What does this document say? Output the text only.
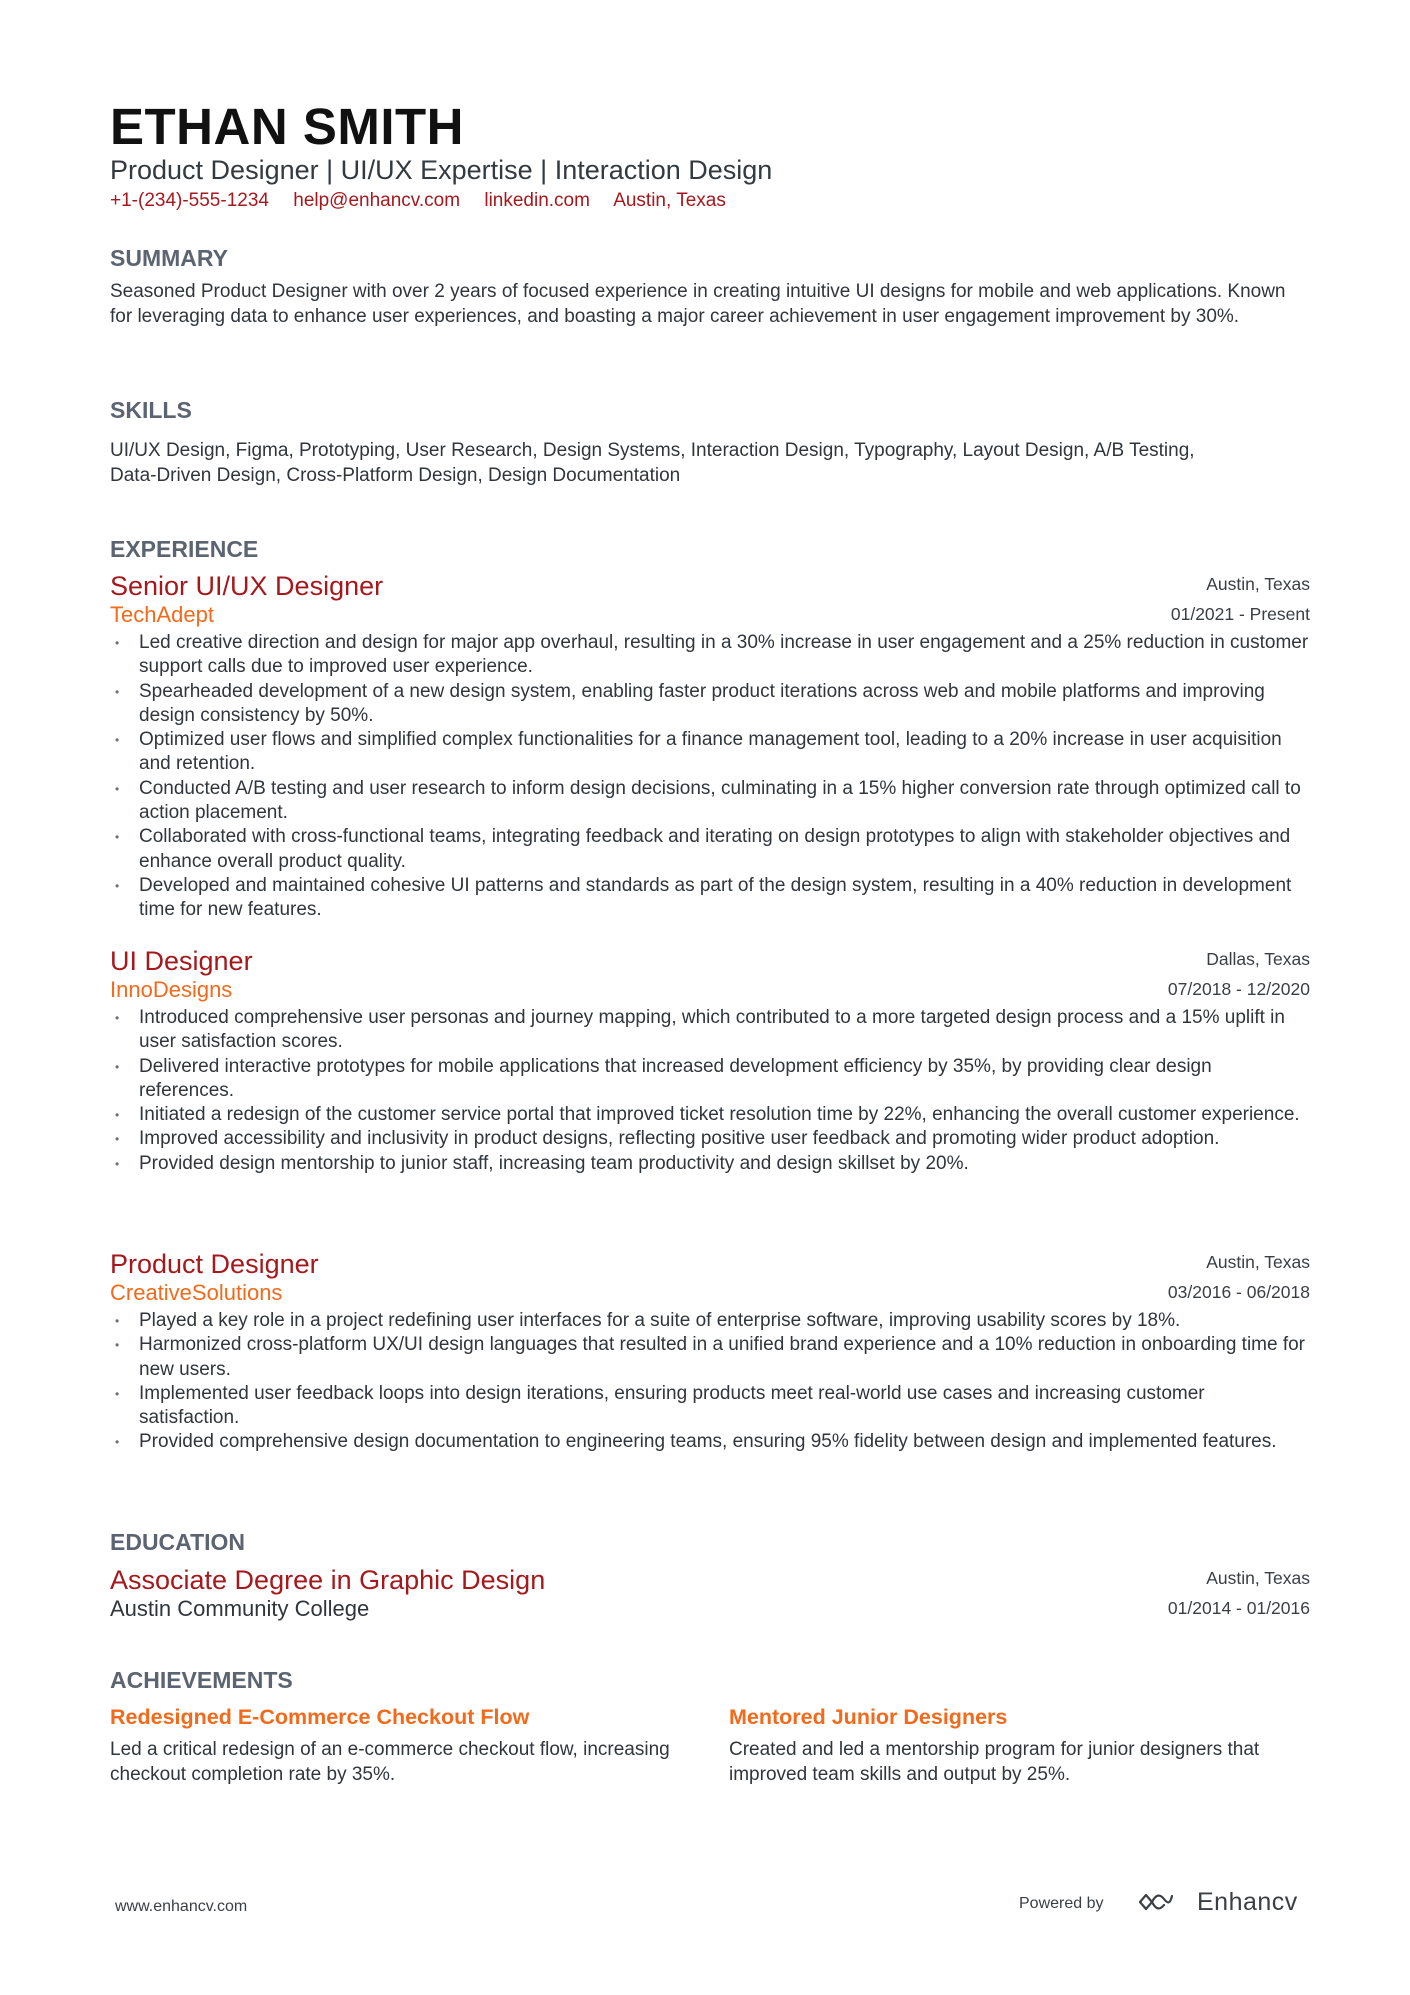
ETHAN SMITH
Product Designer | UI/UX Expertise | Interaction Design
+1-(234)-555-1234 help@enhancv.com linkedin.com Austin, Texas
SUMMARY
Seasoned Product Designer with over 2 years of focused experience in creating intuitive UI designs for mobile and web applications. Known for leveraging data to enhance user experiences, and boasting a major career achievement in user engagement improvement by 30%.
SKILLS
UI/UX Design, Figma, Prototyping, User Research, Design Systems, Interaction Design, Typography, Layout Design, A/B Testing, Data-Driven Design, Cross-Platform Design, Design Documentation
EXPERIENCE
Senior UI/UX Designer
TechAdept
Austin, Texas
01/2021 - Present
• Led creative direction and design for major app overhaul, resulting in a 30% increase in user engagement and a 25% reduction in customer support calls due to improved user experience.
• Spearheaded development of a new design system, enabling faster product iterations across web and mobile platforms and improving design consistency by 50%.
• Optimized user flows and simplified complex functionalities for a finance management tool, leading to a 20% increase in user acquisition and retention.
• Conducted A/B testing and user research to inform design decisions, culminating in a 15% higher conversion rate through optimized call to action placement.
• Collaborated with cross-functional teams, integrating feedback and iterating on design prototypes to align with stakeholder objectives and enhance overall product quality.
• Developed and maintained cohesive UI patterns and standards as part of the design system, resulting in a 40% reduction in development time for new features.
UI Designer
InnoDesigns
Dallas, Texas
07/2018 - 12/2020
• Introduced comprehensive user personas and journey mapping, which contributed to a more targeted design process and a 15% uplift in user satisfaction scores.
• Delivered interactive prototypes for mobile applications that increased development efficiency by 35%, by providing clear design references.
• Initiated a redesign of the customer service portal that improved ticket resolution time by 22%, enhancing the overall customer experience.
• Improved accessibility and inclusivity in product designs, reflecting positive user feedback and promoting wider product adoption.
• Provided design mentorship to junior staff, increasing team productivity and design skillset by 20%.
Product Designer
CreativeSolutions
Austin, Texas
03/2016 - 06/2018
• Played a key role in a project redefining user interfaces for a suite of enterprise software, improving usability scores by 18%.
• Harmonized cross-platform UX/UI design languages that resulted in a unified brand experience and a 10% reduction in onboarding time for new users.
• Implemented user feedback loops into design iterations, ensuring products meet real-world use cases and increasing customer satisfaction.
• Provided comprehensive design documentation to engineering teams, ensuring 95% fidelity between design and implemented features.
EDUCATION
Associate Degree in Graphic Design
Austin Community College
Austin, Texas
01/2014 - 01/2016
ACHIEVEMENTS
Redesigned E-Commerce Checkout Flow
Led a critical redesign of an e-commerce checkout flow, increasing checkout completion rate by 35%.
Mentored Junior Designers
Created and led a mentorship program for junior designers that improved team skills and output by 25%.
www.enhancv.com	Powered by	Enhancv
